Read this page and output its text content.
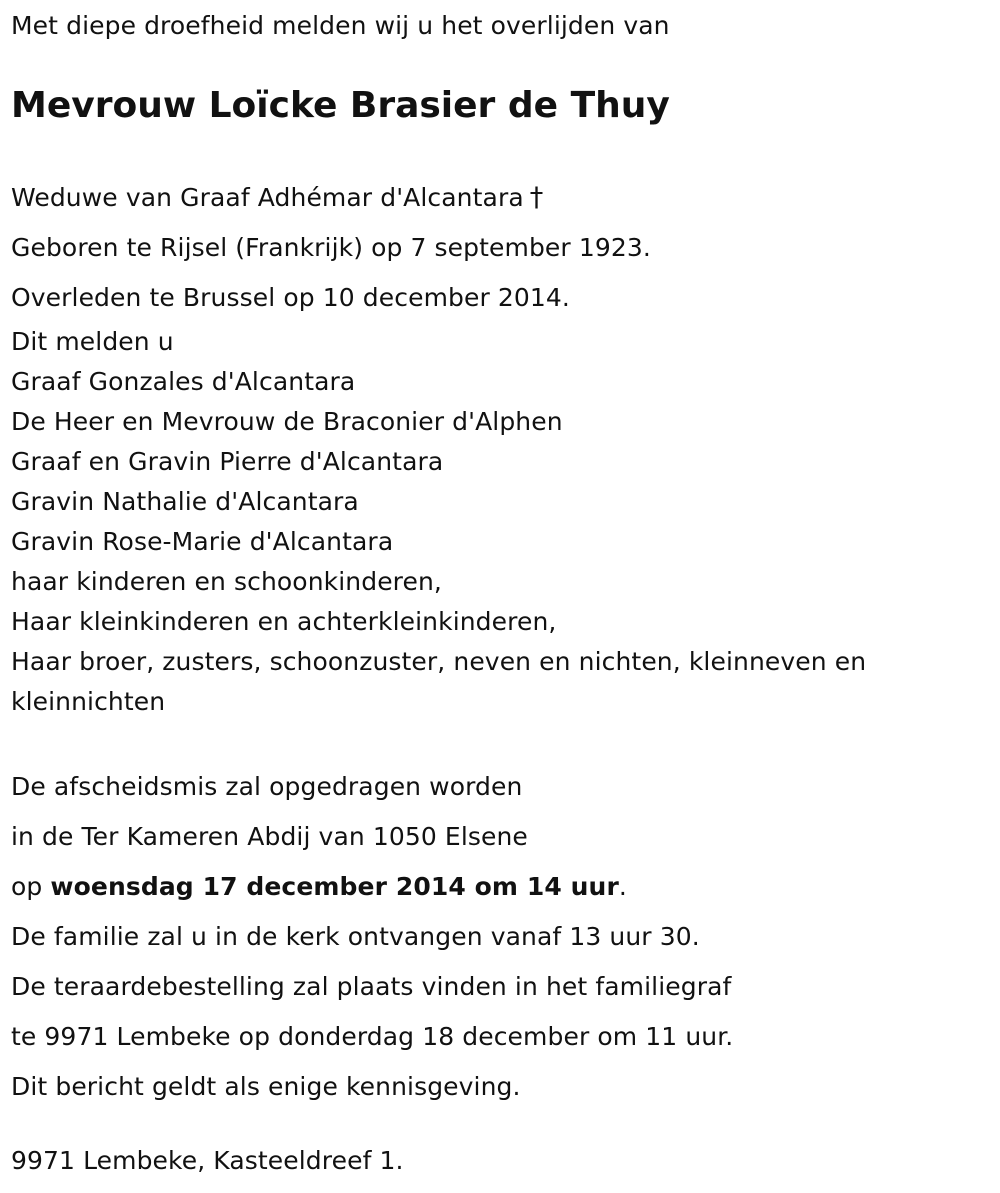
Met diepe droefheid melden wij u het overlijden van
Mevrouw Loïcke Brasier de Thuy
Weduwe van Graaf Adhémar d'Alcantara †
Geboren te Rijsel (Frankrijk) op 7 september 1923.
Overleden te Brussel op 10 december 2014.
Dit melden u
Graaf Gonzales d'Alcantara
De Heer en Mevrouw de Braconier d'Alphen
Graaf en Gravin Pierre d'Alcantara
Gravin Nathalie d'Alcantara
Gravin Rose-Marie d'Alcantara
haar kinderen en schoonkinderen,
Haar kleinkinderen en achterkleinkinderen,
Haar broer, zusters, schoonzuster, neven en nichten, kleinneven en kleinnichten
De afscheidsmis zal opgedragen worden
in de Ter Kameren Abdij van 1050 Elsene
op woensdag 17 december 2014 om 14 uur.
De familie zal u in de kerk ontvangen vanaf 13 uur 30.
De teraardebestelling zal plaats vinden in het familiegraf
te 9971 Lembeke op donderdag 18 december om 11 uur.
Dit bericht geldt als enige kennisgeving.
9971 Lembeke, Kasteeldreef 1.
